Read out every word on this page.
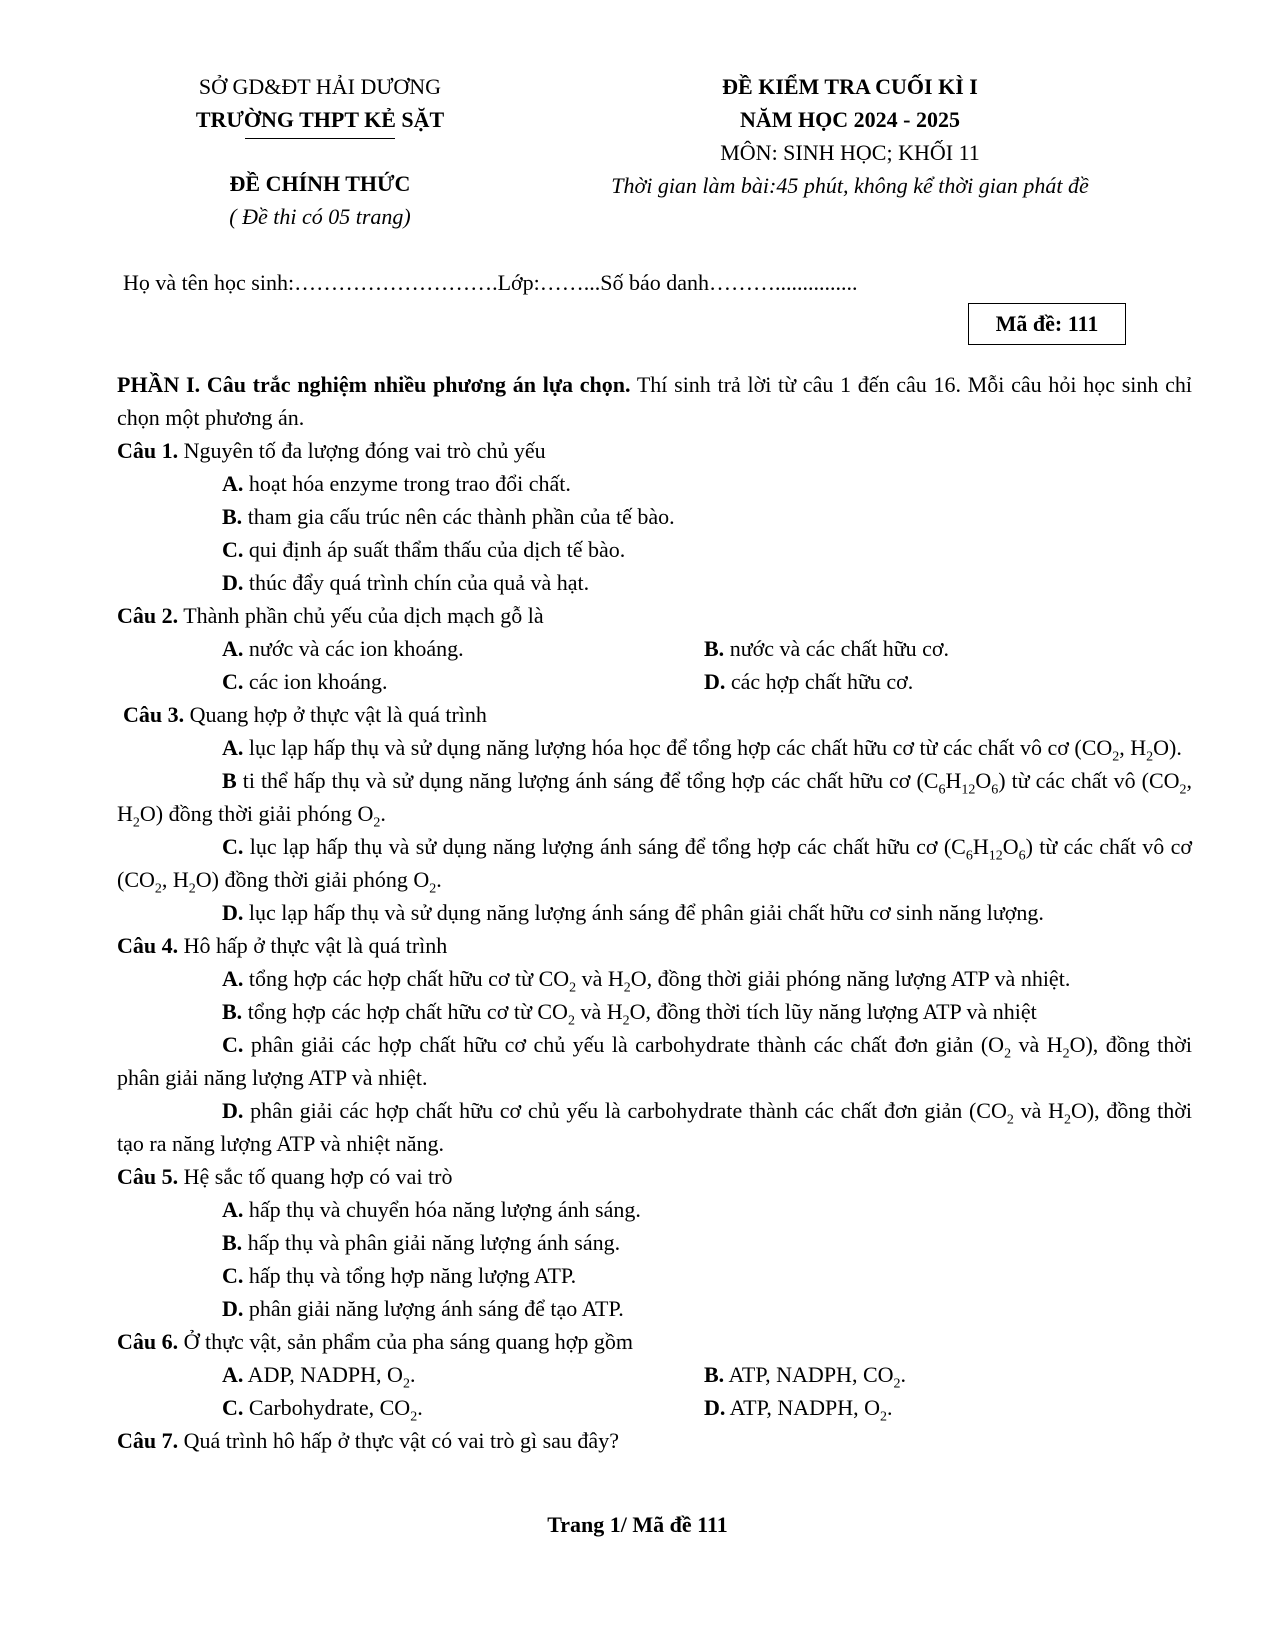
SỞ GD&ĐT HẢI DƯƠNG
TRƯỜNG THPT KẺ SẶT
ĐỀ CHÍNH THỨC
( Đề thi có 05 trang)
ĐỀ KIỂM TRA CUỐI KÌ I
NĂM HỌC 2024 - 2025
MÔN: SINH HỌC; KHỐI 11
Thời gian làm bài:45 phút, không kể thời gian phát đề
Họ và tên học sinh:……………………….Lớp:……...Số báo danh………...............
Mã đề: 111

PHẦN I. Câu trắc nghiệm nhiều phương án lựa chọn. Thí sinh trả lời từ câu 1 đến câu 16. Mỗi câu hỏi học sinh chỉ chọn một phương án.

Câu 1. Nguyên tố đa lượng đóng vai trò chủ yếu

A. hoạt hóa enzyme trong trao đổi chất.

B. tham gia cấu trúc nên các thành phần của tế bào.

C. qui định áp suất thẩm thấu của dịch tế bào.

D. thúc đẩy quá trình chín của quả và hạt.

Câu 2. Thành phần chủ yếu của dịch mạch gỗ là

A. nước và các ion khoáng.	B. nước và các chất hữu cơ.
C. các ion khoáng.	D. các hợp chất hữu cơ.

Câu 3. Quang hợp ở thực vật là quá trình

A. lục lạp hấp thụ và sử dụng năng lượng hóa học để tổng hợp các chất hữu cơ từ các chất vô cơ ($CO_2$, $H_2O$).

B ti thể hấp thụ và sử dụng năng lượng ánh sáng để tổng hợp các chất hữu cơ $(C_6H_{12}O_6)$ từ các chất vô ($CO_2$, $H_2O$) đồng thời giải phóng $O_2$.

C. lục lạp hấp thụ và sử dụng năng lượng ánh sáng để tổng hợp các chất hữu cơ $(C_6H_{12}O_6)$ từ các chất vô cơ ($CO_2$, $H_2O$) đồng thời giải phóng $O_2$.

D. lục lạp hấp thụ và sử dụng năng lượng ánh sáng để phân giải chất hữu cơ sinh năng lượng.

Câu 4. Hô hấp ở thực vật là quá trình

A. tổng hợp các hợp chất hữu cơ từ $CO_2$ và $H_2O$, đồng thời giải phóng năng lượng ATP và nhiệt.

B. tổng hợp các hợp chất hữu cơ từ $CO_2$ và $H_2O$, đồng thời tích lũy năng lượng ATP và nhiệt

C. phân giải các hợp chất hữu cơ chủ yếu là carbohydrate thành các chất đơn giản ($O_2$ và $H_2O$), đồng thời phân giải năng lượng ATP và nhiệt.

D. phân giải các hợp chất hữu cơ chủ yếu là carbohydrate thành các chất đơn giản ($CO_2$ và $H_2O$), đồng thời tạo ra năng lượng ATP và nhiệt năng.

Câu 5. Hệ sắc tố quang hợp có vai trò

A. hấp thụ và chuyển hóa năng lượng ánh sáng.

B. hấp thụ và phân giải năng lượng ánh sáng.

C. hấp thụ và tổng hợp năng lượng ATP.

D. phân giải năng lượng ánh sáng để tạo ATP.

Câu 6. Ở thực vật, sản phẩm của pha sáng quang hợp gồm

A. ADP, NADPH, $O_2$.	B. ATP, NADPH, $CO_2$.
C. Carbohydrate, $CO_2$.	D. ATP, NADPH, $O_2$.

Câu 7. Quá trình hô hấp ở thực vật có vai trò gì sau đây?

Trang 1/ Mã đề 111
